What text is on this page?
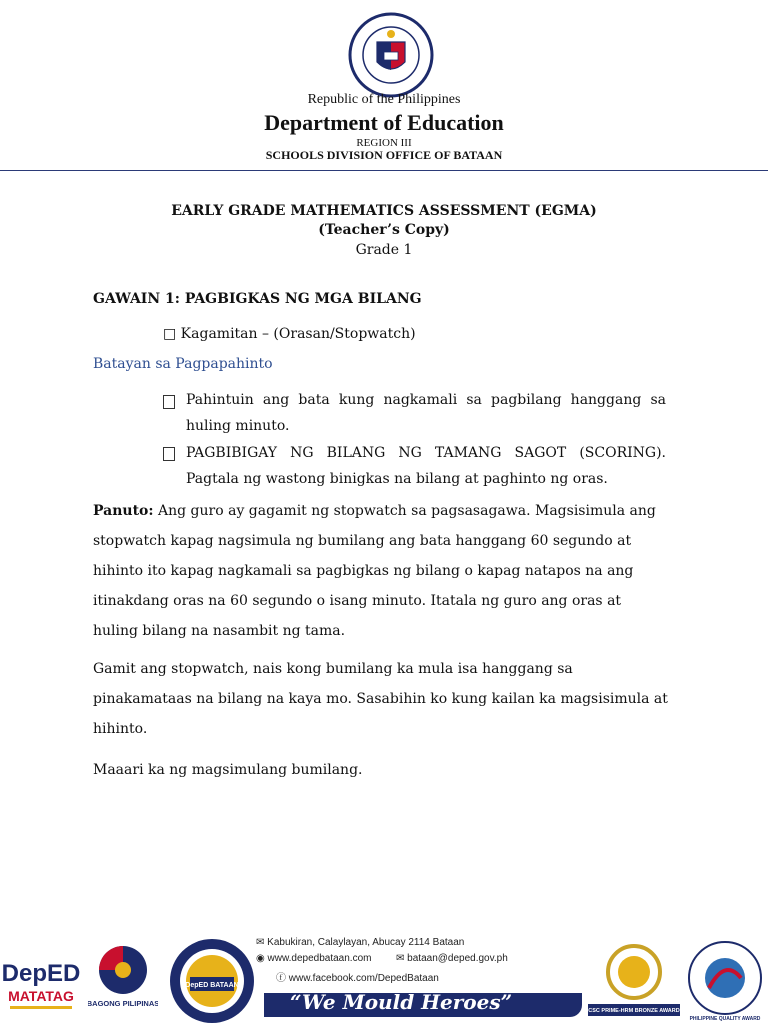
Republic of the Philippines
Department of Education
REGION III
SCHOOLS DIVISION OFFICE OF BATAAN
EARLY GRADE MATHEMATICS ASSESSMENT (EGMA)
(Teacher’s Copy)
Grade 1
GAWAIN 1: PAGBIGKAS NG MGA BILANG
□ Kagamitan – (Orasan/Stopwatch)
Batayan sa Pagpapahinto
Pahintuin ang bata kung nagkamali sa pagbilang hanggang sa huling minuto.
PAGBIBIGAY NG BILANG NG TAMANG SAGOT (SCORING). Pagtala ng wastong binigkas na bilang at paghinto ng oras.
Panuto: Ang guro ay gagamit ng stopwatch sa pagsasagawa. Magsisimula ang stopwatch kapag nagsimula ng bumilang ang bata hanggang 60 segundo at hihinto ito kapag nagkamali sa pagbigkas ng bilang o kapag natapos na ang itinakdang oras na 60 segundo o isang minuto. Itatala ng guro ang oras at huling bilang na nasambit ng tama.
Gamit ang stopwatch, nais kong bumilang ka mula isa hanggang sa pinakamataas na bilang na kaya mo. Sasabihin ko kung kailan ka magsisimula at hihinto.
Maaari ka ng magsimulang bumilang.
DepED
MATATAG BAGONG PILIPINAS
DepED BATAAN
✉ Kabukiran, Calaylayan, Abucay 2114 Bataan
◉ www.depedbataan.com ✉ bataan@deped.gov.ph
ⓕ www.facebook.com/DepedBataan
“We Mould Heroes”	CSC PRIME-HRM BRONZE AWARD
PHILIPPINE QUALITY AWARD
